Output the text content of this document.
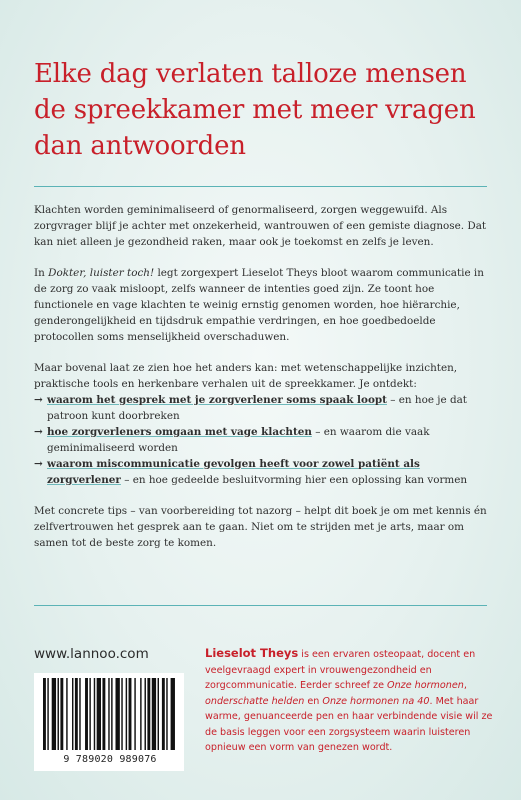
Elke dag verlaten talloze mensen de spreekkamer met meer vragen dan antwoorden

Klachten worden geminimaliseerd of genormaliseerd, zorgen weggewuifd. Als zorgvrager blijf je achter met onzekerheid, wantrouwen of een gemiste diagnose. Dat kan niet alleen je gezondheid raken, maar ook je toekomst en zelfs je leven.

In Dokter, luister toch! legt zorgexpert Lieselot Theys bloot waarom communicatie in de zorg zo vaak misloopt, zelfs wanneer de intenties goed zijn. Ze toont hoe functionele en vage klachten te weinig ernstig genomen worden, hoe hiërarchie, genderongelijkheid en tijdsdruk empathie verdringen, en hoe goedbedoelde protocollen soms menselijkheid overschaduwen.

Maar bovenal laat ze zien hoe het anders kan: met wetenschappelijke inzichten, praktische tools en herkenbare verhalen uit de spreekkamer. Je ontdekt:

→ waarom het gesprek met je zorgverlener soms spaak loopt – en hoe je dat patroon kunt doorbreken
→ hoe zorgverleners omgaan met vage klachten – en waarom die vaak geminimaliseerd worden
→ waarom miscommunicatie gevolgen heeft voor zowel patiënt als zorgverlener – en hoe gedeelde besluitvorming hier een oplossing kan vormen

Met concrete tips – van voorbereiding tot nazorg – helpt dit boek je om met kennis én zelfvertrouwen het gesprek aan te gaan. Niet om te strijden met je arts, maar om samen tot de beste zorg te komen.

www.lannoo.com
9 789020 989076
Lieselot Theys is een ervaren osteopaat, docent en veelgevraagd expert in vrouwengezondheid en zorgcommunicatie. Eerder schreef ze Onze hormonen, onderschatte helden en Onze hormonen na 40. Met haar warme, genuanceerde pen en haar verbindende visie wil ze de basis leggen voor een zorgsysteem waarin luisteren opnieuw een vorm van genezen wordt.
